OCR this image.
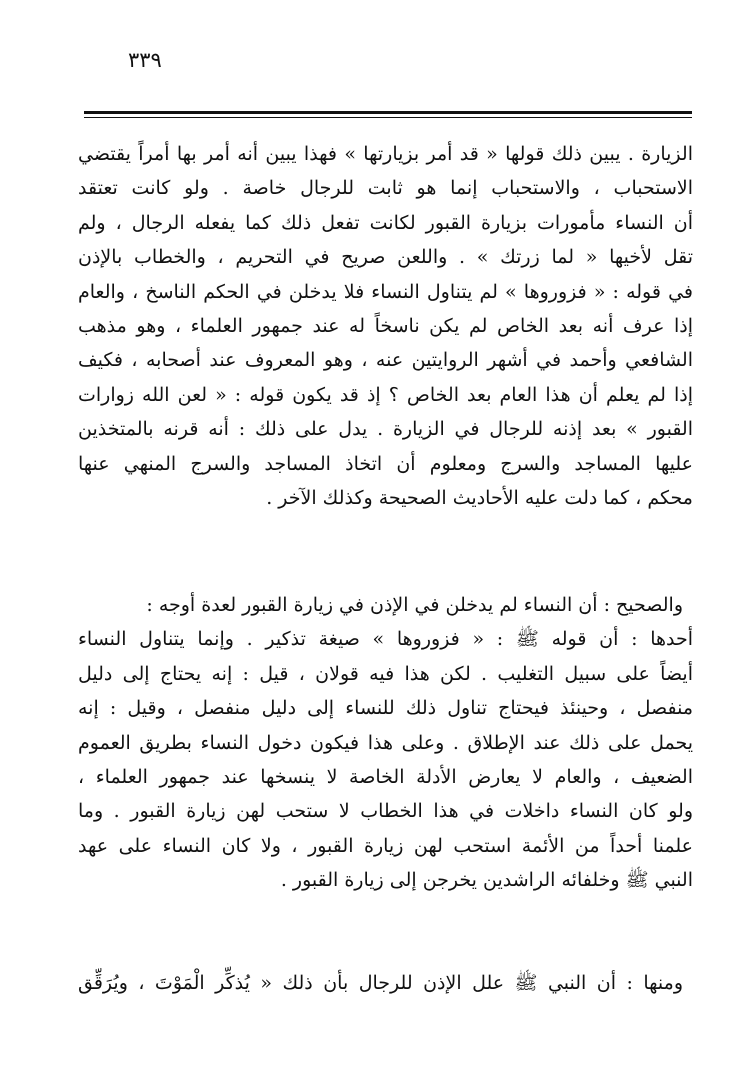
٣٣٩
الزيارة . يبين ذلك قولها « قد أمر بزيارتها » فهذا يبين أنه أمر بها أمراً يقتضي
الاستحباب ، والاستحباب إنما هو ثابت للرجال خاصة . ولو كانت تعتقد
أن النساء مأمورات بزيارة القبور لكانت تفعل ذلك كما يفعله الرجال ، ولم
تقل لأخيها « لما زرتك » . واللعن صريح في التحريم ، والخطاب بالإذن
في قوله : « فزوروها » لم يتناول النساء فلا يدخلن في الحكم الناسخ ، والعام
إذا عرف أنه بعد الخاص لم يكن ناسخاً له عند جمهور العلماء ، وهو مذهب
الشافعي وأحمد في أشهر الروايتين عنه ، وهو المعروف عند أصحابه ، فكيف
إذا لم يعلم أن هذا العام بعد الخاص ؟ إذ قد يكون قوله : « لعن الله زوارات
القبور » بعد إذنه للرجال في الزيارة . يدل على ذلك : أنه قرنه بالمتخذين
عليها المساجد والسرج ومعلوم أن اتخاذ المساجد والسرج المنهي عنها
محكم ، كما دلت عليه الأحاديث الصحيحة وكذلك الآخر .
والصحيح : أن النساء لم يدخلن في الإذن في زيارة القبور لعدة أوجه :
أحدها : أن قوله ﷺ : « فزوروها » صيغة تذكير . وإنما يتناول النساء
أيضاً على سبيل التغليب . لكن هذا فيه قولان ، قيل : إنه يحتاج إلى دليل
منفصل ، وحينئذ فيحتاج تناول ذلك للنساء إلى دليل منفصل ، وقيل : إنه
يحمل على ذلك عند الإطلاق . وعلى هذا فيكون دخول النساء بطريق العموم
الضعيف ، والعام لا يعارض الأدلة الخاصة لا ينسخها عند جمهور العلماء ،
ولو كان النساء داخلات في هذا الخطاب لا ستحب لهن زيارة القبور . وما
علمنا أحداً من الأئمة استحب لهن زيارة القبور ، ولا كان النساء على عهد
النبي ﷺ وخلفائه الراشدين يخرجن إلى زيارة القبور .
ومنها : أن النبي ﷺ علل الإذن للرجال بأن ذلك « يُذكِّر الْمَوْتَ ، ويُرَقِّق
